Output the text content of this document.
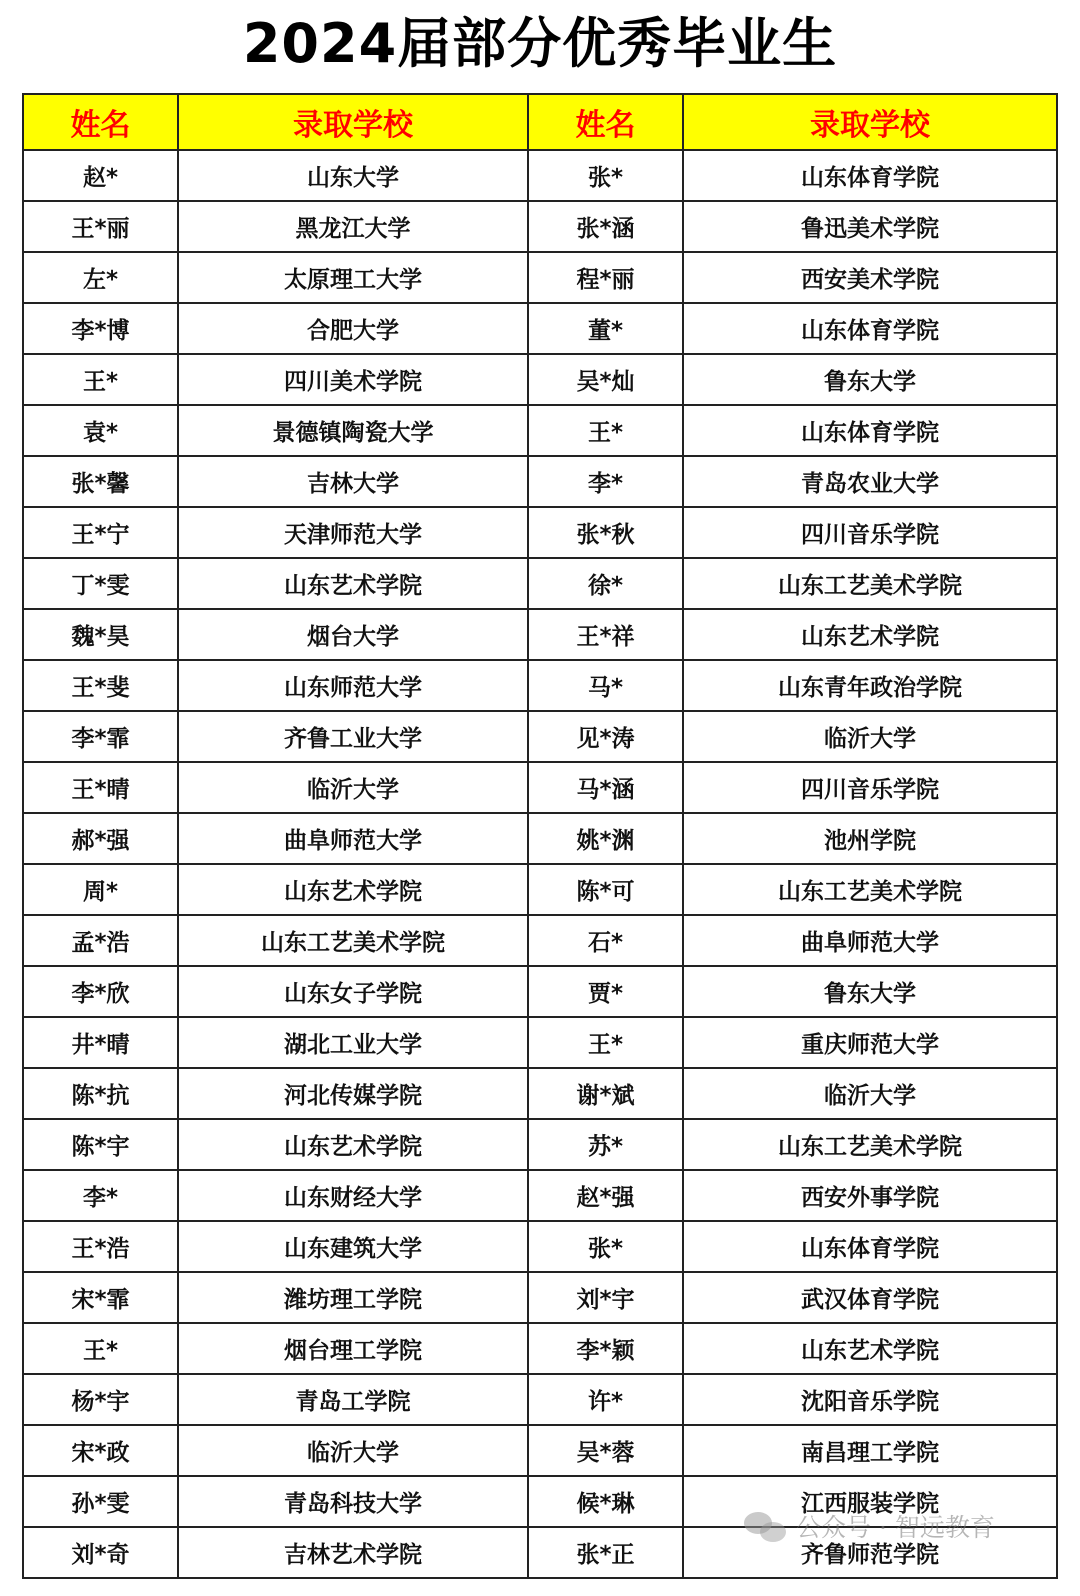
2024届部分优秀毕业生
姓名	录取学校	姓名	录取学校
赵*	山东大学	张*	山东体育学院
王*丽	黑龙江大学	张*涵	鲁迅美术学院
左*	太原理工大学	程*丽	西安美术学院
李*博	合肥大学	董*	山东体育学院
王*	四川美术学院	吴*灿	鲁东大学
袁*	景德镇陶瓷大学	王*	山东体育学院
张*馨	吉林大学	李*	青岛农业大学
王*宁	天津师范大学	张*秋	四川音乐学院
丁*雯	山东艺术学院	徐*	山东工艺美术学院
魏*昊	烟台大学	王*祥	山东艺术学院
王*斐	山东师范大学	马*	山东青年政治学院
李*霏	齐鲁工业大学	见*涛	临沂大学
王*晴	临沂大学	马*涵	四川音乐学院
郝*强	曲阜师范大学	姚*渊	池州学院
周*	山东艺术学院	陈*可	山东工艺美术学院
孟*浩	山东工艺美术学院	石*	曲阜师范大学
李*欣	山东女子学院	贾*	鲁东大学
井*晴	湖北工业大学	王*	重庆师范大学
陈*抗	河北传媒学院	谢*斌	临沂大学
陈*宇	山东艺术学院	苏*	山东工艺美术学院
李*	山东财经大学	赵*强	西安外事学院
王*浩	山东建筑大学	张*	山东体育学院
宋*霏	潍坊理工学院	刘*宇	武汉体育学院
王*	烟台理工学院	李*颖	山东艺术学院
杨*宇	青岛工学院	许*	沈阳音乐学院
宋*政	临沂大学	吴*蓉	南昌理工学院
孙*雯	青岛科技大学	候*琳	江西服装学院
刘*奇	吉林艺术学院	张*正	齐鲁师范学院
公众号 · 智远教育
